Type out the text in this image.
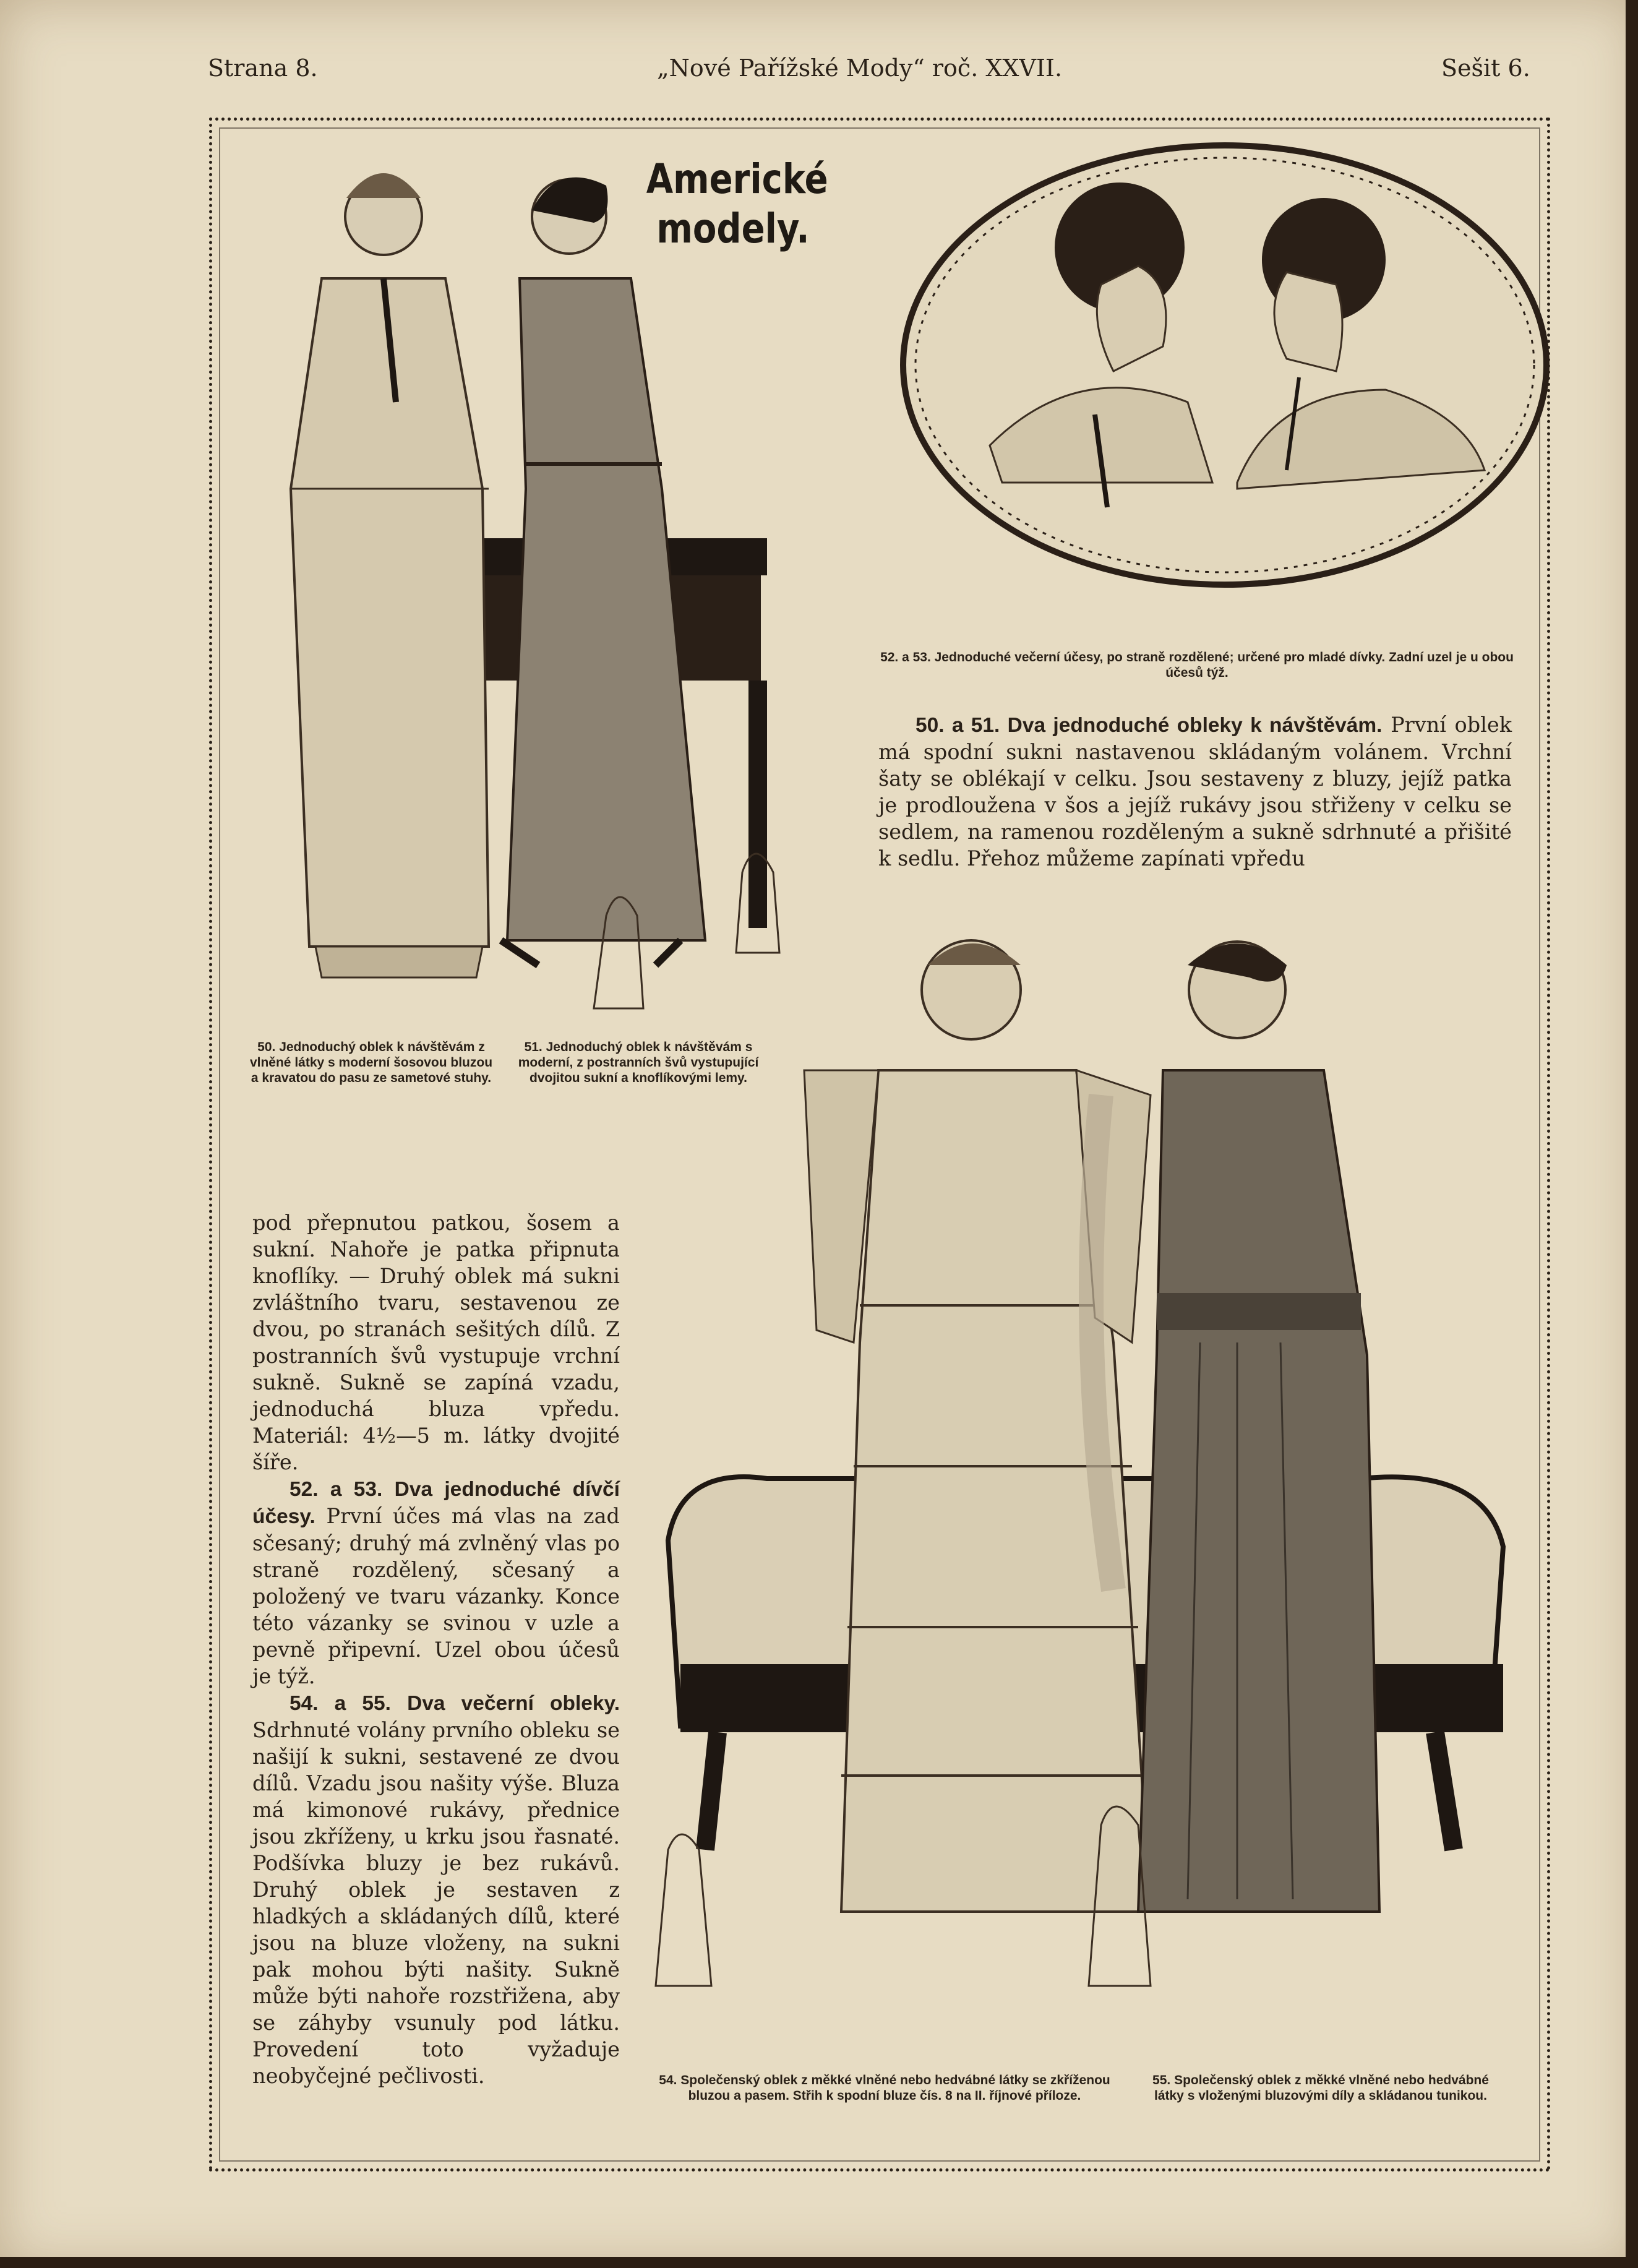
Strana 8.	„Nové Pařížské Mody“ roč. XXVII.	Sešit 6.
Americké
modely.
50. Jednoduchý oblek k návštěvám z vlněné látky s moderní šosovou bluzou a kravatou do pasu ze sametové stuhy.
51. Jednoduchý oblek k návštěvám s moderní, z postranních švů vystupující dvojitou sukní a knoflíkovými lemy.
52. a 53. Jednoduché večerní účesy, po straně rozdělené; určené pro mladé dívky. Zadní uzel je u obou účesů týž.

50. a 51. Dva jednoduché obleky k návštěvám. První oblek má spodní sukni nastavenou skládaným volánem. Vrchní šaty se oblékají v celku. Jsou sestaveny z bluzy, jejíž patka je prodloužena v šos a jejíž rukávy jsou střiženy v celku se sedlem, na ramenou rozděleným a sukně sdrhnuté a přišité k sedlu. Přehoz můžeme zapínati vpředu

pod přepnutou patkou, šosem a sukní. Nahoře je patka připnuta knoflíky. — Druhý oblek má sukni zvláštního tvaru, sestavenou ze dvou, po stranách sešitých dílů. Z postranních švů vystupuje vrchní sukně. Sukně se zapíná vzadu, jednoduchá bluza vpředu. Materiál: 4½—5 m. látky dvojité šíře.

52. a 53. Dva jednoduché dívčí účesy. První účes má vlas na zad sčesaný; druhý má zvlněný vlas po straně rozdělený, sčesaný a položený ve tvaru vázanky. Konce této vázanky se svinou v uzle a pevně připevní. Uzel obou účesů je týž.

54. a 55. Dva večerní obleky. Sdrhnuté volány prvního obleku se našijí k sukni, sestavené ze dvou dílů. Vzadu jsou našity výše. Bluza má kimonové rukávy, přednice jsou zkříženy, u krku jsou řasnaté. Podšívka bluzy je bez rukávů. Druhý oblek je sestaven z hladkých a skládaných dílů, které jsou na bluze vloženy, na sukni pak mohou býti našity. Sukně může býti nahoře rozstřižena, aby se záhyby vsunuly pod látku. Provedení toto vyžaduje neobyčejné pečlivosti.	54. Společenský oblek z měkké vlněné nebo hedvábné látky se zkříženou bluzou a pasem. Střih k spodní bluze čís. 8 na II. říjnové příloze.
55. Společenský oblek z měkké vlněné nebo hedvábné látky s vloženými bluzovými díly a skládanou tunikou.
